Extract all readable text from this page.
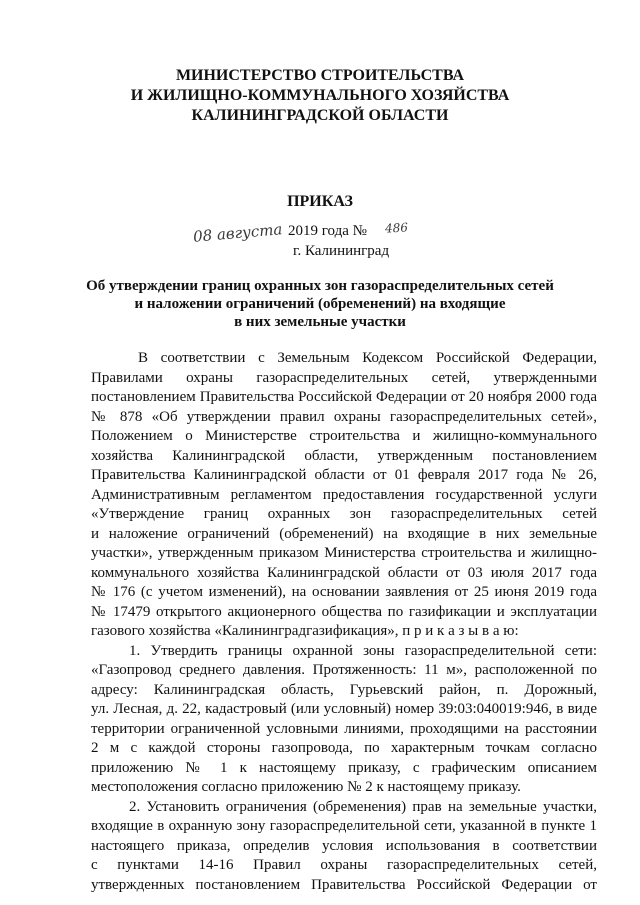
МИНИСТЕРСТВО СТРОИТЕЛЬСТВА
И ЖИЛИЩНО-КОММУНАЛЬНОГО ХОЗЯЙСТВА
КАЛИНИНГРАДСКОЙ ОБЛАСТИ
ПРИКАЗ
08 августа 2019 года № 486
г. Калининград
Об утверждении границ охранных зон газораспределительных сетей
и наложении ограничений (обременений) на входящие
в них земельные участки
В соответствии с Земельным Кодексом Российской Федерации,
Правилами охраны газораспределительных сетей, утвержденными
постановлением Правительства Российской Федерации от 20 ноября 2000 года
№ 878 «Об утверждении правил охраны газораспределительных сетей»,
Положением о Министерстве строительства и жилищно-коммунального
хозяйства Калининградской области, утвержденным постановлением
Правительства Калининградской области от 01 февраля 2017 года № 26,
Административным регламентом предоставления государственной услуги
«Утверждение границ охранных зон газораспределительных сетей
и наложение ограничений (обременений) на входящие в них земельные
участки», утвержденным приказом Министерства строительства и жилищно-
коммунального хозяйства Калининградской области от 03 июля 2017 года
№ 176 (с учетом изменений), на основании заявления от 25 июня 2019 года
№ 17479 открытого акционерного общества по газификации и эксплуатации
газового хозяйства «Калининградгазификация», п р и к а з ы в а ю:
1. Утвердить границы охранной зоны газораспределительной сети:
«Газопровод среднего давления. Протяженность: 11 м», расположенной по
адресу: Калининградская область, Гурьевский район, п. Дорожный,
ул. Лесная, д. 22, кадастровый (или условный) номер 39:03:040019:946, в виде
территории ограниченной условными линиями, проходящими на расстоянии
2 м с каждой стороны газопровода, по характерным точкам согласно
приложению № 1 к настоящему приказу, с графическим описанием
местоположения согласно приложению № 2 к настоящему приказу.
2. Установить ограничения (обременения) прав на земельные участки,
входящие в охранную зону газораспределительной сети, указанной в пункте 1
настоящего приказа, определив условия использования в соответствии
с пунктами 14-16 Правил охраны газораспределительных сетей,
утвержденных постановлением Правительства Российской Федерации от
